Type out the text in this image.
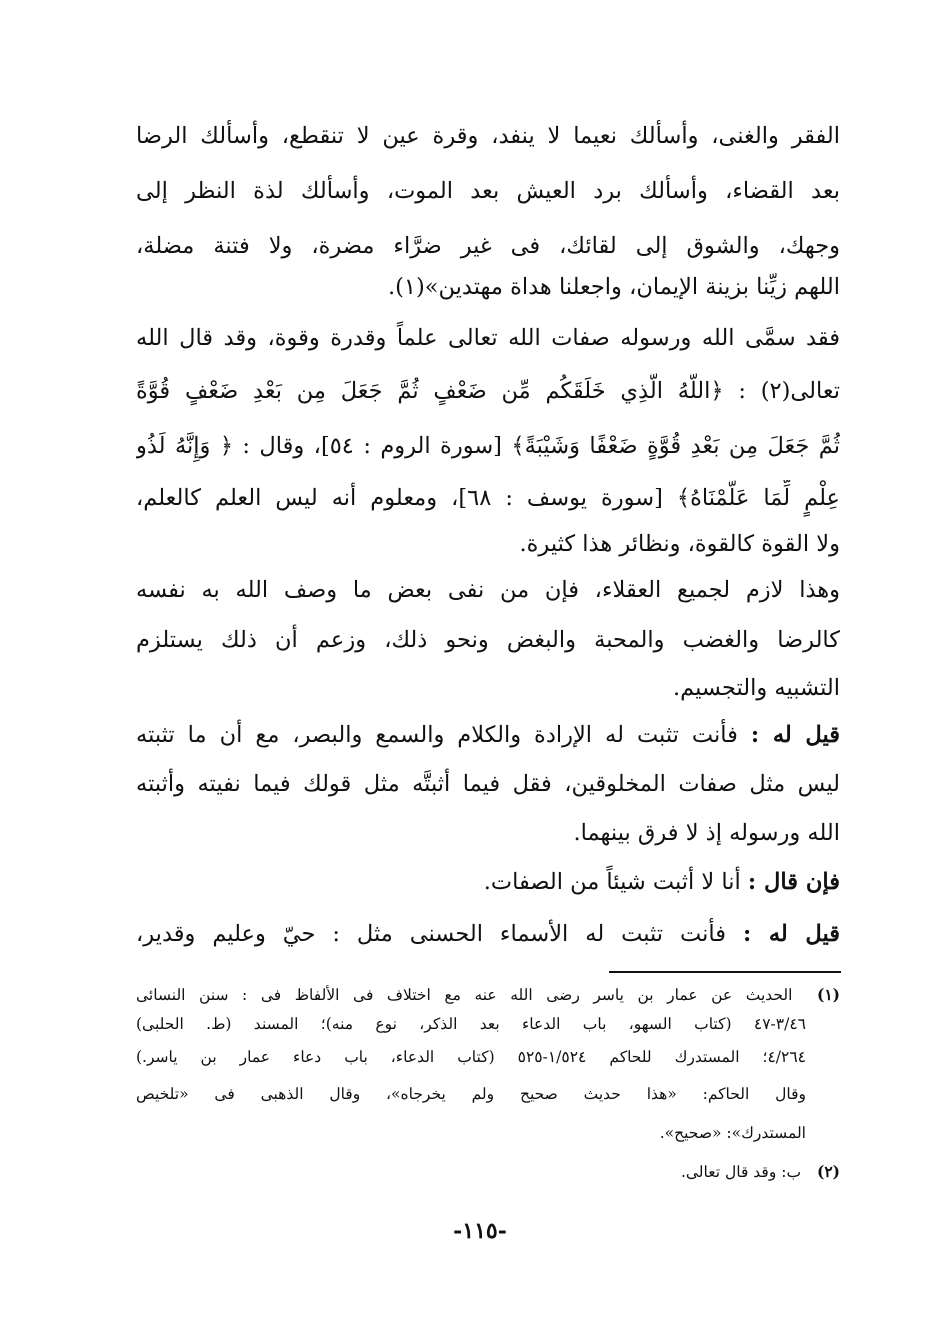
الفقر والغنى، وأسألك نعيما لا ينفد، وقرة عين لا تنقطع، وأسألك الرضا
بعد القضاء، وأسألك برد العيش بعد الموت، وأسألك لذة النظر إلى
وجهك، والشوق إلى لقائك، فى غير ضرَّاء مضرة، ولا فتنة مضلة،
اللهم زيِّنا بزينة الإيمان، واجعلنا هداة مهتدين»(١).
فقد سمَّى الله ورسوله صفات الله تعالى علماً وقدرة وقوة، وقد قال الله
تعالى(٢) : ﴿اللَّهُ الَّذِي خَلَقَكُم مِّن ضَعْفٍ ثُمَّ جَعَلَ مِن بَعْدِ ضَعْفٍ قُوَّةً
ثُمَّ جَعَلَ مِن بَعْدِ قُوَّةٍ ضَعْفًا وَشَيْبَةً﴾ [سورة الروم : ٥٤]، وقال : ﴿ وَإِنَّهُ لَذُو
عِلْمٍ لِّمَا عَلَّمْنَاهُ﴾ [سورة يوسف : ٦٨]، ومعلوم أنه ليس العلم كالعلم،
ولا القوة كالقوة، ونظائر هذا كثيرة.
وهذا لازم لجميع العقلاء، فإن من نفى بعض ما وصف الله به نفسه
كالرضا والغضب والمحبة والبغض ونحو ذلك، وزعم أن ذلك يستلزم
التشبيه والتجسيم.
قيل له : فأنت تثبت له الإرادة والكلام والسمع والبصر، مع أن ما تثبته
ليس مثل صفات المخلوقين، فقل فيما أثبتَّه مثل قولك فيما نفيته وأثبته
الله ورسوله إذ لا فرق بينهما.
فإن قال : أنا لا أثبت شيئاً من الصفات.
قيل له : فأنت تثبت له الأسماء الحسنى مثل : حيّ وعليم وقدير،
(١) الحديث عن عمار بن ياسر رضى الله عنه مع اختلاف فى الألفاظ فى : سنن النسائى
٣/٤٦-٤٧ (كتاب السهو، باب الدعاء بعد الذكر، نوع منه)؛ المسند (ط. الحلبى)
٤/٢٦٤؛ المستدرك للحاكم ١/٥٢٤-٥٢٥ (كتاب الدعاء، باب دعاء عمار بن ياسر.)
وقال الحاكم: «هذا حديث صحيح ولم يخرجاه»، وقال الذهبى فى «تلخيص
المستدرك»: «صحيح».
(٢) ب: وقد قال تعالى.
-١١٥-
